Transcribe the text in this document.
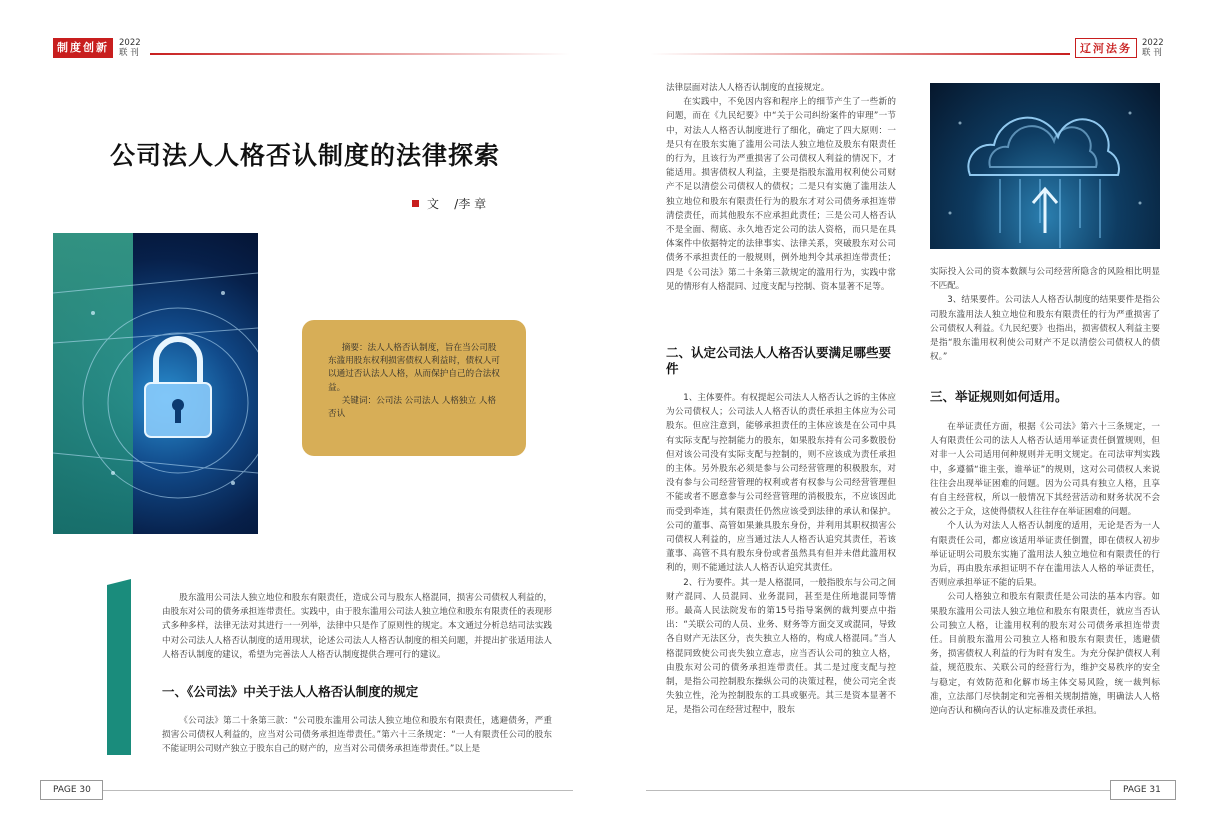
制度创新	2022
联 刊	辽河法务	2022
联 刊
公司法人人格否认制度的法律探索
文 /李 章

摘要：法人人格否认制度，旨在当公司股东滥用股东权利损害债权人利益时，债权人可以通过否认法人人格，从而保护自己的合法权益。

关键词：公司法 公司法人 人格独立 人格否认

股东滥用公司法人独立地位和股东有限责任，造成公司与股东人格混同，损害公司债权人利益的，由股东对公司的债务承担连带责任。实践中，由于股东滥用公司法人独立地位和股东有限责任的表现形式多种多样，法律无法对其进行一一列举，法律中只是作了原则性的规定。本文通过分析总结司法实践中对公司法人人格否认制度的适用现状，论述公司法人人格否认制度的相关问题，并提出扩张适用法人人格否认制度的建议，希望为完善法人人格否认制度提供合理可行的建议。

一、《公司法》中关于法人人格否认制度的规定

《公司法》第二十条第三款：“公司股东滥用公司法人独立地位和股东有限责任，逃避债务，严重损害公司债权人利益的，应当对公司债务承担连带责任。”第六十三条规定：“一人有限责任公司的股东不能证明公司财产独立于股东自己的财产的，应当对公司债务承担连带责任。”以上是

法律层面对法人人格否认制度的直接规定。

在实践中，不免因内容和程序上的细节产生了一些新的问题，而在《九民纪要》中“关于公司纠纷案件的审理”一节中，对法人人格否认制度进行了细化，确定了四大原则：一是只有在股东实施了滥用公司法人独立地位及股东有限责任的行为，且该行为严重损害了公司债权人利益的情况下，才能适用。损害债权人利益，主要是指股东滥用权利使公司财产不足以清偿公司债权人的债权；二是只有实施了滥用法人独立地位和股东有限责任行为的股东才对公司债务承担连带清偿责任，而其他股东不应承担此责任；三是公司人格否认不是全面、彻底、永久地否定公司的法人资格，而只是在具体案件中依据特定的法律事实、法律关系，突破股东对公司债务不承担责任的一般规则，例外地判令其承担连带责任；四是《公司法》第二十条第三款规定的滥用行为，实践中常见的情形有人格混同、过度支配与控制、资本显著不足等。

二、认定公司法人人格否认要满足哪些要件

1、主体要件。有权提起公司法人人格否认之诉的主体应为公司债权人；公司法人人格否认的责任承担主体应为公司股东。但应注意到，能够承担责任的主体应该是在公司中具有实际支配与控制能力的股东，如果股东持有公司多数股份但对该公司没有实际支配与控制的，则不应该成为责任承担的主体。另外股东必须是参与公司经营管理的积极股东，对没有参与公司经营管理的权利或者有权参与公司经营管理但不能或者不愿意参与公司经营管理的消极股东，不应该因此而受到牵连，其有限责任仍然应该受到法律的承认和保护。公司的董事、高管如果兼具股东身份，并利用其职权损害公司债权人利益的，应当通过法人人格否认追究其责任，若该董事、高管不具有股东身份或者虽然具有但并未借此滥用权利的，则不能通过法人人格否认追究其责任。

2、行为要件。其一是人格混同，一般指股东与公司之间财产混同、人员混同、业务混同，甚至是住所地混同等情形。最高人民法院发布的第15号指导案例的裁判要点中指出：“关联公司的人员、业务、财务等方面交叉或混同，导致各自财产无法区分，丧失独立人格的，构成人格混同。”当人格混同致使公司丧失独立意志，应当否认公司的独立人格，由股东对公司的债务承担连带责任。其二是过度支配与控制，是指公司控制股东操纵公司的决策过程，使公司完全丧失独立性，沦为控制股东的工具或躯壳。其三是资本显著不足，是指公司在经营过程中，股东

实际投入公司的资本数额与公司经营所隐含的风险相比明显不匹配。

3、结果要件。公司法人人格否认制度的结果要件是指公司股东滥用法人独立地位和股东有限责任的行为严重损害了公司债权人利益。《九民纪要》也指出，损害债权人利益主要是指“股东滥用权利使公司财产不足以清偿公司债权人的债权。”

三、举证规则如何适用。

在举证责任方面，根据《公司法》第六十三条规定，一人有限责任公司的法人人格否认适用举证责任倒置规则，但对非一人公司适用何种规则并无明文规定。在司法审判实践中，多遵循“谁主张，谁举证”的规则，这对公司债权人来说往往会出现举证困难的问题。因为公司具有独立人格，且享有自主经营权，所以一般情况下其经营活动和财务状况不会被公之于众，这使得债权人往往存在举证困难的问题。

个人认为对法人人格否认制度的适用，无论是否为一人有限责任公司，都应该适用举证责任倒置，即在债权人初步举证证明公司股东实施了滥用法人独立地位和有限责任的行为后，再由股东承担证明不存在滥用法人人格的举证责任，否则应承担举证不能的后果。

公司人格独立和股东有限责任是公司法的基本内容。如果股东滥用公司法人独立地位和股东有限责任，就应当否认公司独立人格，让滥用权利的股东对公司债务承担连带责任。目前股东滥用公司独立人格和股东有限责任，逃避债务，损害债权人利益的行为时有发生。为充分保护债权人利益，规范股东、关联公司的经营行为，维护交易秩序的安全与稳定，有效防范和化解市场主体交易风险，统一裁判标准，立法部门尽快制定和完善相关规制措施，明确法人人格逆向否认和横向否认的认定标准及责任承担。

PAGE 30	PAGE 31
